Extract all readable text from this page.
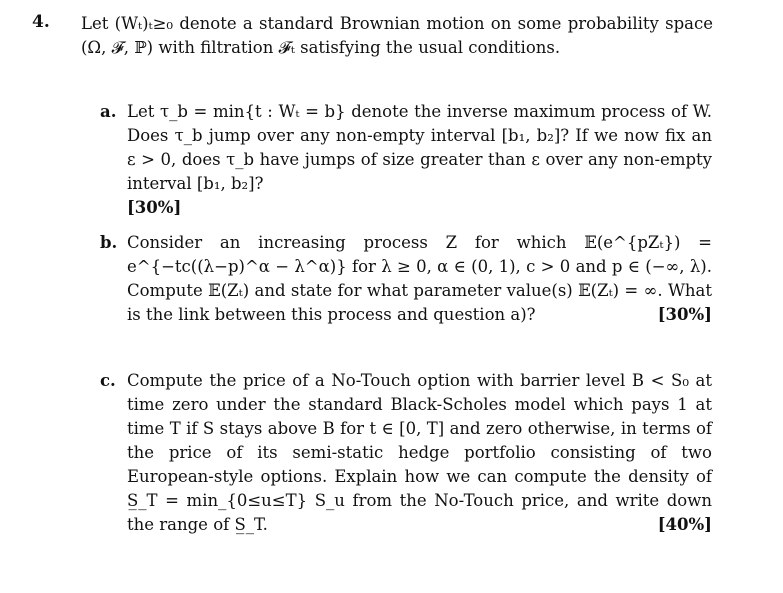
4. Let (Wₜ)ₜ≥₀ denote a standard Brownian motion on some probability space (Ω, 𝓕, ℙ) with filtration 𝓕ₜ satisfying the usual conditions.
a. Let τ_b = min{t : Wₜ = b} denote the inverse maximum process of W. Does τ_b jump over any non-empty interval [b₁, b₂]? If we now fix an ε > 0, does τ_b have jumps of size greater than ε over any non-empty interval [b₁, b₂]?
[30%]
b. Consider an increasing process Z for which 𝔼(e^{pZₜ}) = e^{−tc((λ−p)^α − λ^α)} for λ ≥ 0, α ∈ (0, 1), c > 0 and p ∈ (−∞, λ). Compute 𝔼(Zₜ) and state for what parameter value(s) 𝔼(Zₜ) = ∞. What is the link between this process and question a)?	[30%]
c. Compute the price of a No-Touch option with barrier level B < S₀ at time zero under the standard Black-Scholes model which pays 1 at time T if S stays above B for t ∈ [0, T] and zero otherwise, in terms of the price of its semi-static hedge portfolio consisting of two European-style options. Explain how we can compute the density of S̲_T = min_{0≤u≤T} S_u from the No-Touch price, and write down the range of S̲_T.	[40%]
